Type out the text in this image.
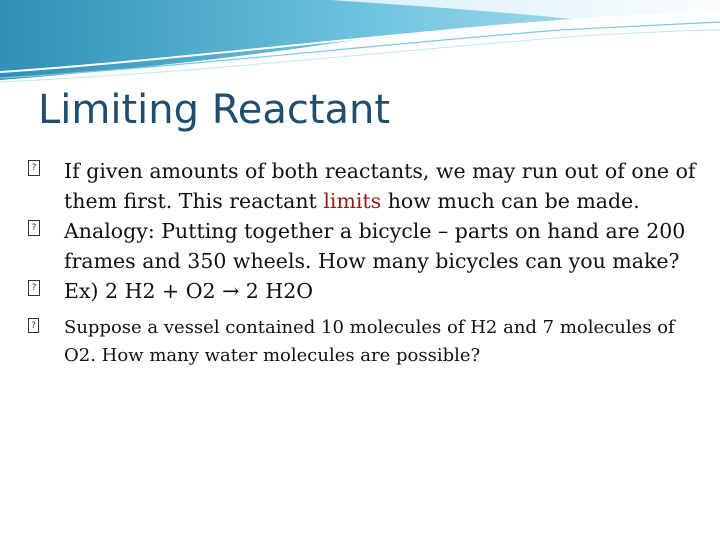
Limiting Reactant
? If given amounts of both reactants, we may run out of one of them first. This reactant limits how much can be made.
? Analogy: Putting together a bicycle – parts on hand are 200 frames and 350 wheels. How many bicycles can you make?
? Ex) 2 H2 + O2 → 2 H2O
? Suppose a vessel contained 10 molecules of H2 and 7 molecules of O2. How many water molecules are possible?
